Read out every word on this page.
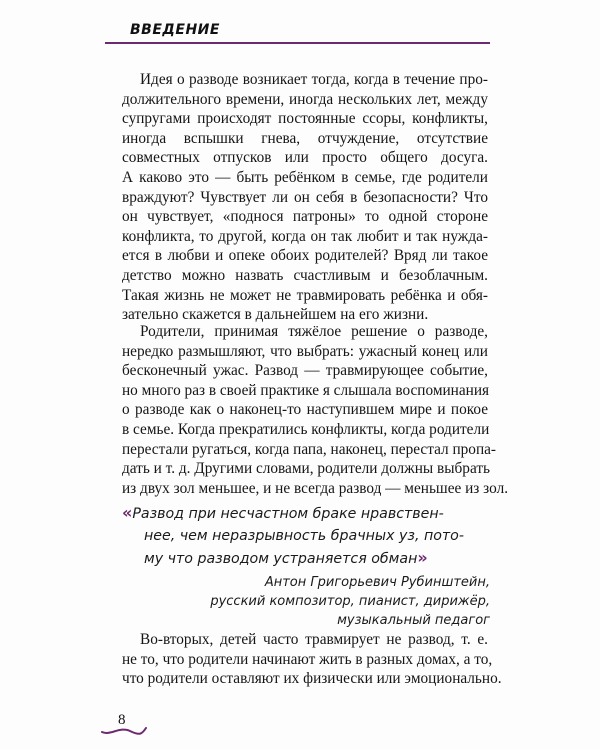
ВВЕДЕНИЕ
Идея о разводе возникает тогда, когда в течение про-
должительного времени, иногда нескольких лет, между
супругами происходят постоянные ссоры, конфликты,
иногда вспышки гнева, отчуждение, отсутствие
совместных отпусков или просто общего досуга.
А каково это — быть ребёнком в семье, где родители
враждуют? Чувствует ли он себя в безопасности? Что
он чувствует, «поднося патроны» то одной стороне
конфликта, то другой, когда он так любит и так нужда-
ется в любви и опеке обоих родителей? Вряд ли такое
детство можно назвать счастливым и безоблачным.
Такая жизнь не может не травмировать ребёнка и обя-
зательно скажется в дальнейшем на его жизни.
Родители, принимая тяжёлое решение о разводе,
нередко размышляют, что выбрать: ужасный конец или
бесконечный ужас. Развод — травмирующее событие,
но много раз в своей практике я слышала воспоминания
о разводе как о наконец-то наступившем мире и покое
в семье. Когда прекратились конфликты, когда родители
перестали ругаться, когда папа, наконец, перестал пропа-
дать и т. д. Другими словами, родители должны выбрать
из двух зол меньшее, и не всегда развод — меньшее из зол.
«Развод при несчастном браке нравствен-
нее, чем неразрывность брачных уз, пото-
му что разводом устраняется обман»
Антон Григорьевич Рубинштейн,
русский композитор, пианист, дирижёр,
музыкальный педагог
Во-вторых, детей часто травмирует не развод, т. е.
не то, что родители начинают жить в разных домах, а то,
что родители оставляют их физически или эмоционально.
8
